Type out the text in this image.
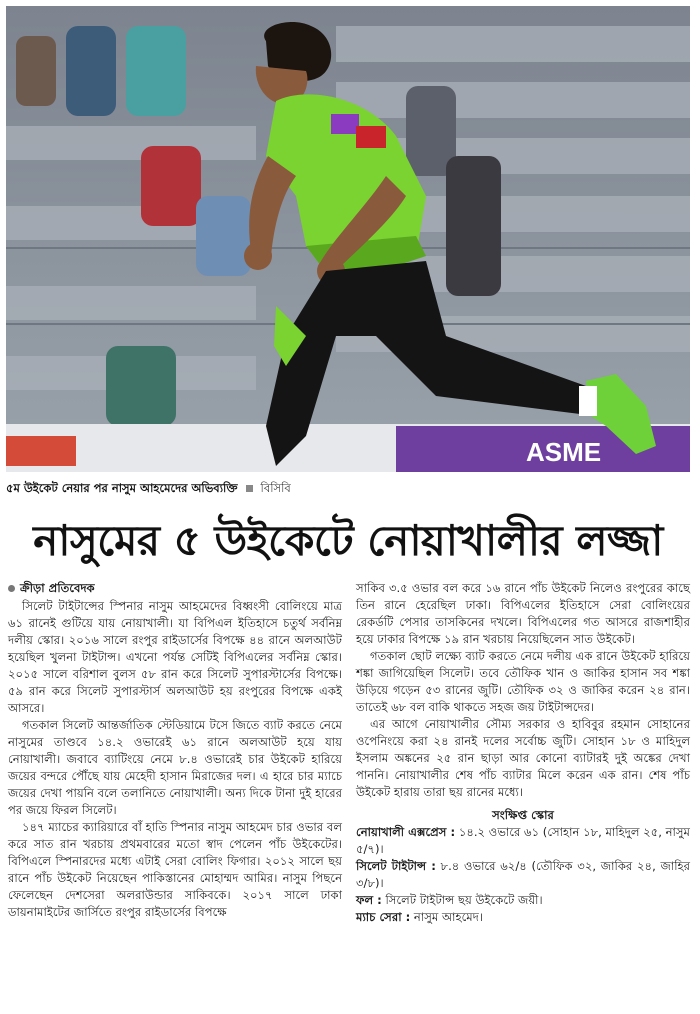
ASME
৫ম উইকেট নেয়ার পর নাসুম আহমেদের অভিব্যক্তি বিসিবি
নাসুমের ৫ উইকেটে নোয়াখালীর লজ্জা
ক্রীড়া প্রতিবেদক

সিলেট টাইটান্সের স্পিনার নাসুম আহমেদের বিধ্বংসী বোলিংয়ে মাত্র ৬১ রানেই গুটিয়ে যায় নোয়াখালী। যা বিপিএল ইতিহাসে চতুর্থ সর্বনিম্ন দলীয় স্কোর। ২০১৬ সালে রংপুর রাইডার্সের বিপক্ষে ৪৪ রানে অলআউট হয়েছিল খুলনা টাইটান্স। এখনো পর্যন্ত সেটিই বিপিএলের সর্বনিম্ন স্কোর। ২০১৫ সালে বরিশাল বুলস ৫৮ রান করে সিলেট সুপারস্টার্সের বিপক্ষে। ৫৯ রান করে সিলেট সুপারস্টার্স অলআউট হয় রংপুরের বিপক্ষে একই আসরে।

গতকাল সিলেট আন্তর্জাতিক স্টেডিয়ামে টসে জিতে ব্যাট করতে নেমে নাসুমের তাণ্ডবে ১৪.২ ওভারেই ৬১ রানে অলআউট হয়ে যায় নোয়াখালী। জবাবে ব্যাটিংয়ে নেমে ৮.৪ ওভারেই চার উইকেট হারিয়ে জয়ের বন্দরে পৌঁছে যায় মেহেদী হাসান মিরাজের দল। এ হারে চার ম্যাচে জয়ের দেখা পায়নি বলে তলানিতে নোয়াখালী। অন্য দিকে টানা দুই হারের পর জয়ে ফিরল সিলেট।

১৪৭ ম্যাচের ক্যারিয়ারে বাঁ হাতি স্পিনার নাসুম আহমেদ চার ওভার বল করে সাত রান খরচায় প্রথমবারের মতো স্বাদ পেলেন পাঁচ উইকেটের। বিপিএলে স্পিনারদের মধ্যে এটাই সেরা বোলিং ফিগার। ২০১২ সালে ছয় রানে পাঁচ উইকেট নিয়েছেন পাকিস্তানের মোহাম্মদ আমির। নাসুম পিছনে ফেলেছেন দেশসেরা অলরাউন্ডার সাকিবকে। ২০১৭ সালে ঢাকা ডায়নামাইটের জার্সিতে রংপুর রাইডার্সের বিপক্ষে

সাকিব ৩.৫ ওভার বল করে ১৬ রানে পাঁচ উইকেট নিলেও রংপুরের কাছে তিন রানে হেরেছিল ঢাকা। বিপিএলের ইতিহাসে সেরা বোলিংয়ের রেকর্ডটি পেসার তাসকিনের দখলে। বিপিএলের গত আসরে রাজশাহীর হয়ে ঢাকার বিপক্ষে ১৯ রান খরচায় নিয়েছিলেন সাত উইকেট।

গতকাল ছোট লক্ষ্যে ব্যাট করতে নেমে দলীয় এক রানে উইকেট হারিয়ে শঙ্কা জাগিয়েছিল সিলেট। তবে তৌফিক খান ও জাকির হাসান সব শঙ্কা উড়িয়ে গড়েন ৫৩ রানের জুটি। তৌফিক ৩২ ও জাকির করেন ২৪ রান। তাতেই ৬৮ বল বাকি থাকতে সহজ জয় টাইটান্সদের।

এর আগে নোয়াখালীর সৌম্য সরকার ও হাবিবুর রহমান সোহানের ওপেনিংয়ে করা ২৪ রানই দলের সর্বোচ্চ জুটি। সোহান ১৮ ও মাহিদুল ইসলাম অঙ্কনের ২৫ রান ছাড়া আর কোনো ব্যাটারই দুই অঙ্কের দেখা পাননি। নোয়াখালীর শেষ পাঁচ ব্যাটার মিলে করেন এক রান। শেষ পাঁচ উইকেট হারায় তারা ছয় রানের মধ্যে।

সংক্ষিপ্ত স্কোর

নোয়াখালী এক্সপ্রেস : ১৪.২ ওভারে ৬১ (সোহান ১৮, মাহিদুল ২৫, নাসুম ৫/৭)।

সিলেট টাইটান্স : ৮.৪ ওভারে ৬২/৪ (তৌফিক ৩২, জাকির ২৪, জাহির ৩/৮)।

ফল : সিলেট টাইটান্স ছয় উইকেটে জয়ী।

ম্যাচ সেরা : নাসুম আহমেদ।
